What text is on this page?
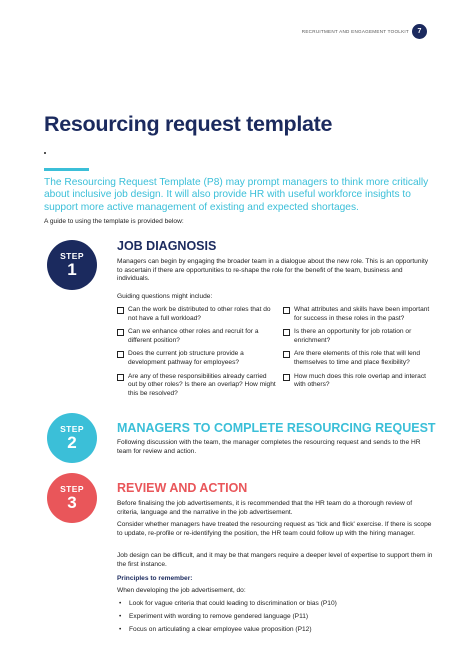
RECRUITMENT AND ENGAGEMENT TOOLKIT	7
Resourcing request template
The Resourcing Request Template (P8) may prompt managers to think more critically about inclusive job design. It will also provide HR with useful workforce insights to support more active management of existing and expected shortages.
A guide to using the template is provided below:
STEP
1
JOB DIAGNOSIS
Managers can begin by engaging the broader team in a dialogue about the new role. This is an opportunity to ascertain if there are opportunities to re-shape the role for the benefit of the team, business and individuals.
Guiding questions might include:
Can the work be distributed to other roles that do not have a full workload?
Can we enhance other roles and recruit for a different position?
Does the current job structure provide a development pathway for employees?
Are any of these responsibilities already carried out by other roles? Is there an overlap? How might this be resolved?
What attributes and skills have been important for success in these roles in the past?
Is there an opportunity for job rotation or enrichment?
Are there elements of this role that will lend themselves to time and place flexibility?
How much does this role overlap and interact with others?
STEP
2
MANAGERS TO COMPLETE RESOURCING REQUEST
Following discussion with the team, the manager completes the resourcing request and sends to the HR team for review and action.
STEP
3
REVIEW AND ACTION
Before finalising the job advertisements, it is recommended that the HR team do a thorough review of criteria, language and the narrative in the job advertisement.
Consider whether managers have treated the resourcing request as 'tick and flick' exercise. If there is scope to update, re-profile or re-identifying the position, the HR team could follow up with the hiring manager.
Job design can be difficult, and it may be that mangers require a deeper level of expertise to support them in the first instance.
Principles to remember:
When developing the job advertisement, do:
• Look for vague criteria that could leading to discrimination or bias (P10)
• Experiment with wording to remove gendered language (P11)
• Focus on articulating a clear employee value proposition (P12)
